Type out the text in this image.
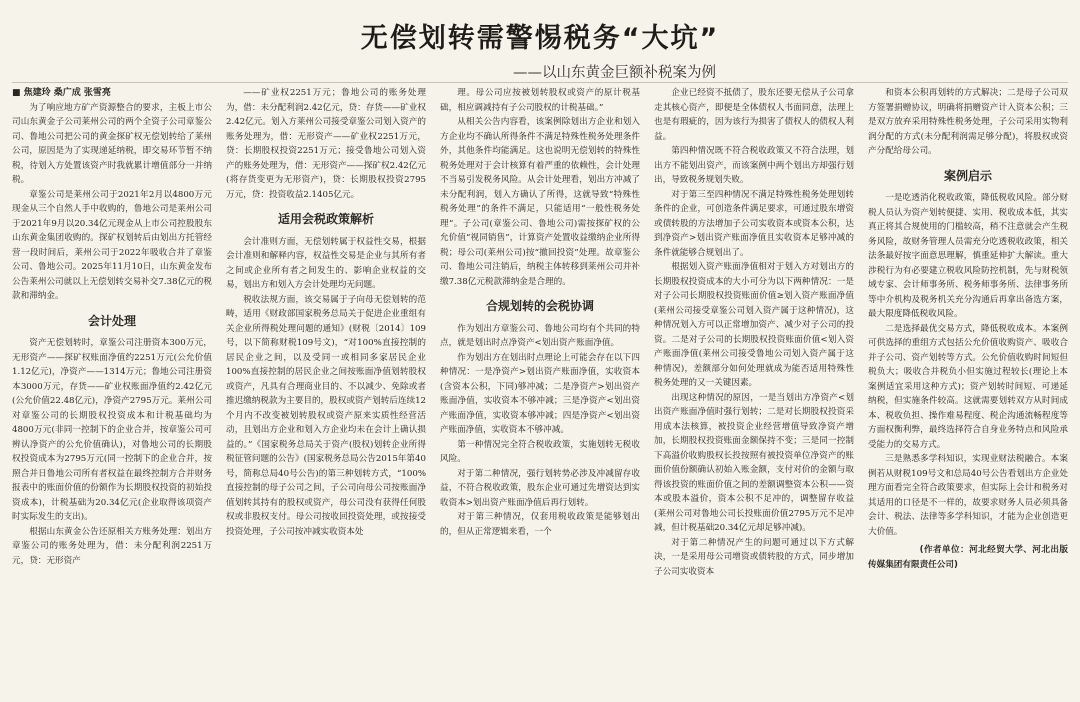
无偿划转需警惕税务“大坑”
——以山东黄金巨额补税案为例

■ 焦建玲 桑广成 张雪亮

为了响应地方矿产资源整合的要求，主板上市公司山东黄金子公司莱州公司的两个全资子公司章鉴公司、鲁地公司把公司的黄金探矿权无偿划转给了莱州公司，原因是为了实现递延纳税，即交易环节暂不纳税，待划入方处置该资产时我就累计增值部分一并纳税。

章鉴公司是莱州公司于2021年2月以4800万元现金从三个自然人手中收购的，鲁地公司是莱州公司于2021年9月以20.34亿元现金从上市公司控股股东山东黄金集团收购的。探矿权划转后由划出方托管经营一段时间后，莱州公司于2022年吸收合并了章鉴公司、鲁地公司。2025年11月10日，山东黄金发布公告莱州公司就以上无偿划转交易补交7.38亿元的税款和滞纳金。

会计处理

资产无偿划转时，章鉴公司注册资本300万元，无形资产——探矿权账面净值约2251万元(公允价值1.12亿元)，净资产——1314万元；鲁地公司注册资本3000万元，存货——矿业权账面净值约2.42亿元(公允价值22.48亿元)，净资产2795万元。莱州公司对章鉴公司的长期股权投资成本和计税基础均为4800万元(非同一控制下的企业合并，按章鉴公司可辨认净资产的公允价值确认)，对鲁地公司的长期股权投资成本为2795万元(同一控制下的企业合并，按照合并日鲁地公司所有者权益在最终控制方合并财务报表中的账面价值的份额作为长期股权投资的初始投资成本)，计税基础为20.34亿元(企业取得该项资产时实际发生的支出)。

根据山东黄金公告还原相关方账务处理：划出方章鉴公司的账务处理为，借：未分配利润2251万元，贷：无形资产

——矿业权2251万元；鲁地公司的账务处理为，借：未分配利润2.42亿元，贷：存货——矿业权2.42亿元。划入方莱州公司接受章鉴公司划入资产的账务处理为，借：无形资产——矿业权2251万元，贷：长期股权投资2251万元；接受鲁地公司划入资产的账务处理为，借：无形资产——探矿权2.42亿元(将存货变更为无形资产)，贷：长期股权投资2795万元，贷：投资收益2.1405亿元。

适用会税政策解析

会计准则方面，无偿划转属于权益性交易，根据会计准则和解释内容，权益性交易是企业与其所有者之间或企业所有者之间发生的、影响企业权益的交易，划出方和划入方会计处理均无问题。

税收法规方面，该交易属于子向母无偿划转的范畴，适用《财政部国家税务总局关于促进企业重组有关企业所得税处理问题的通知》(财税〔2014〕109号，以下简称财税109号文)，“对100%直接控制的居民企业之间，以及受同一或相同多家居民企业100%直接控制的居民企业之间按账面净值划转股权或资产，凡具有合理商业目的、不以减少、免除或者推迟缴纳税款为主要目的，股权或资产划转后连续12个月内不改变被划转股权或资产原来实质性经营活动，且划出方企业和划入方企业均未在会计上确认损益的。”《国家税务总局关于资产(股权)划转企业所得税征管问题的公告》(国家税务总局公告2015年第40号，简称总局40号公告)的第三种划转方式，“100%直接控制的母子公司之间，子公司向母公司按账面净值划转其持有的股权或资产，母公司没有获得任何股权或非股权支付。母公司按收回投资处理，或按接受投资处理，子公司按冲减实收资本处

理。母公司应按被划转股权或资产的原计税基础，相应调减持有子公司股权的计税基础。”

从相关公告内容看，该案例除划出方企业和划入方企业均不确认所得条件不满足特殊性税务处理条件外，其他条件均能满足。这也说明无偿划转的特殊性税务处理对于会计核算有着严重的依赖性，会计处理不当易引发税务风险。从会计处理看，划出方冲减了未分配利润，划入方确认了所得，这就导致“特殊性税务处理”的条件不满足，只能适用“一般性税务处理”。子公司(章鉴公司、鲁地公司)需按探矿权的公允价值“视同销售”，计算资产处置收益缴纳企业所得税；母公司(莱州公司)按“撤回投资”处理。故章鉴公司、鲁地公司注销后，纳税主体转移到莱州公司并补缴7.38亿元税款滞纳金是合理的。

合规划转的会税协调

作为划出方章鉴公司、鲁地公司均有个共同的特点，就是划出时点净资产<划出资产账面净值。

作为划出方在划出时点理论上可能会存在以下四种情况：一是净资产>划出资产账面净值，实收资本(含资本公积，下同)够冲减；二是净资产>划出资产账面净值，实收资本不够冲减；三是净资产<划出资产账面净值，实收资本够冲减；四是净资产<划出资产账面净值，实收资本不够冲减。

第一种情况完全符合税收政策，实施划转无税收风险。

对于第二种情况，强行划转势必涉及冲减留存收益，不符合税收政策，股东企业可通过先增资达到实收资本>划出资产账面净值后再行划转。

对于第三种情况，仅套用税收政策是能够划出的，但从正常逻辑来看，一个

企业已经资不抵债了，股东还要无偿从子公司拿走其核心资产，即便是全体债权人书面同意，法理上也是有瑕疵的，因为该行为损害了债权人的债权人利益。

第四种情况既不符合税收政策又不符合法理，划出方不能划出资产，而该案例中两个划出方却强行划出，导致税务规划失败。

对于第三至四种情况不满足特殊性税务处理划转条件的企业，可创造条件满足要求，可通过股东增资或债转股的方法增加子公司实收资本或资本公积，达到净资产>划出资产账面净值且实收资本足够冲减的条件就能够合规划出了。

根据划入资产账面净值相对于划入方对划出方的长期股权投资成本的大小可分为以下两种情况：一是对子公司长期股权投资账面价值≥划入资产账面净值(莱州公司接受章鉴公司划入资产属于这种情况)，这种情况划入方可以正常增加资产、减少对子公司的投资。二是对子公司的长期股权投资账面价值<划入资产账面净值(莱州公司接受鲁地公司划入资产属于这种情况)，差额部分如何处理就成为能否适用特殊性税务处理的又一关键因素。

出现这种情况的原因，一是当划出方净资产<划出资产账面净值时强行划转；二是对长期股权投资采用成本法核算，被投资企业经营增值导致净资产增加，长期股权投资账面金额保持不变；三是同一控制下高溢价收购股权长投按照有被投资单位净资产的账面价值份额确认初始入账金额，支付对价的金额与取得该投资的账面价值之间的差额调整资本公积——资本或股本溢价，资本公积不足冲的，调整留存收益(莱州公司对鲁地公司长投账面价值2795万元不足冲减，但计税基础20.34亿元却足够冲减)。

对于第二种情况产生的问题可通过以下方式解决，一是采用母公司增资或债转股的方式，同步增加子公司实收资本

和资本公积再划转的方式解决；二是母子公司双方签署捐赠协议，明确将捐赠资产计入资本公积；三是双方放弃采用特殊性税务处理，子公司采用实物利润分配的方式(未分配利润需足够分配)，将股权或资产分配给母公司。

案例启示

一是吃透消化税收政策，降低税收风险。部分财税人员认为资产划转便捷、实用、税收成本低，其实真正将其合规使用的门槛较高，稍不注意就会产生税务风险，故财务管理人员需充分吃透税收政策，相关法条最好按字面意思理解，慎重延伸扩大解读。重大涉税行为有必要建立税收风险防控机制，先与财税领域专家、会计师事务所、税务师事务所、法律事务所等中介机构及税务机关充分沟通后再拿出备选方案，最大限度降低税收风险。

二是选择最优交易方式，降低税收成本。本案例可供选择的重组方式包括公允价值收购资产、吸收合并子公司、资产划转等方式。公允价值收购时间短但税负大；吸收合并税负小但实施过程较长(理论上本案例适宜采用这种方式)；资产划转时间短、可递延纳税，但实施条件较高。这就需要划转双方从时间成本、税收负担、操作难易程度、税企沟通流畅程度等方面权衡利弊，最终选择符合自身业务特点和风险承受能力的交易方式。

三是熟悉多学科知识，实现业财法税融合。本案例若从财税109号文和总局40号公告看划出方企业处理方面看完全符合政策要求，但实际上会计和税务对其适用的口径是不一样的，故要求财务人员必须具备会计、税法、法律等多学科知识，才能为企业创造更大价值。

(作者单位：河北经贸大学、河北出版传媒集团有限责任公司)
